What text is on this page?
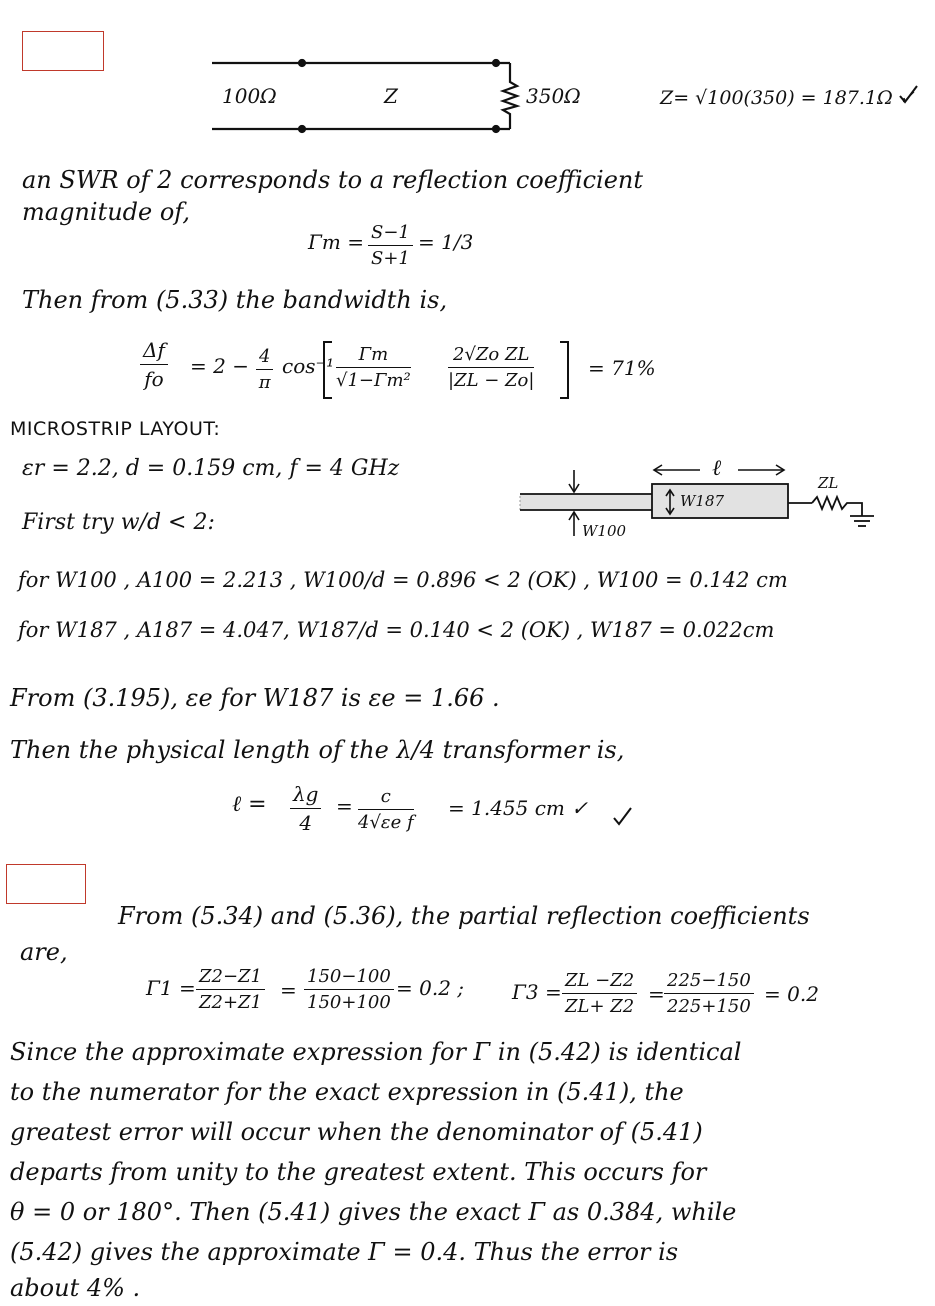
100Ω	Z	350Ω	Z= √100(350) = 187.1Ω ✓
an SWR of 2 corresponds to a reflection coefficient
magnitude of,
$\Gamma m = \frac{S-1}{S+1} = 1/3$
Then from (5.33) the bandwidth is,
$\frac{\Delta f}{fo} = 2 - \frac{4}{\pi} \cos^{-1} \frac{\Gamma m}{\text{√1−Γm²}} \frac{\text{2√Zo ZL}}{|ZL - Zo|}$	= 71%
MICROSTRIP LAYOUT:
εr = 2.2, d = 0.159 cm, f = 4 GHz
First try w/d < 2:
ℓ
W187
W100
ZL
for W100 , A100 = 2.213 , W100/d = 0.896 < 2 (OK) , W100 = 0.142 cm
for W187 , A187 = 4.047, W187/d = 0.140 < 2 (OK) , W187 = 0.022cm
From (3.195), εe for W187 is εe = 1.66 .
Then the physical length of the λ/4 transformer is,
ℓ = $\frac{\lambda g}{4} = \frac{c}{\text{4√εe f}} = 1.455$ cm ✓
From (5.34) and (5.36), the partial reflection coefficients
are,
$\Gamma 1 = \frac{Z2-Z1}{Z2+Z1} = \frac{150-100}{150+100} = 0.2$ ; $\Gamma 3 = \frac{ZL -Z2}{ZL+ Z2} = \frac{225-150}{225+150} = 0.2$
Since the approximate expression for Γ in (5.42) is identical
to the numerator for the exact expression in (5.41), the
greatest error will occur when the denominator of (5.41)
departs from unity to the greatest extent. This occurs for
θ = 0 or 180°. Then (5.41) gives the exact Γ as 0.384, while
(5.42) gives the approximate Γ = 0.4. Thus the error is
about 4% .
